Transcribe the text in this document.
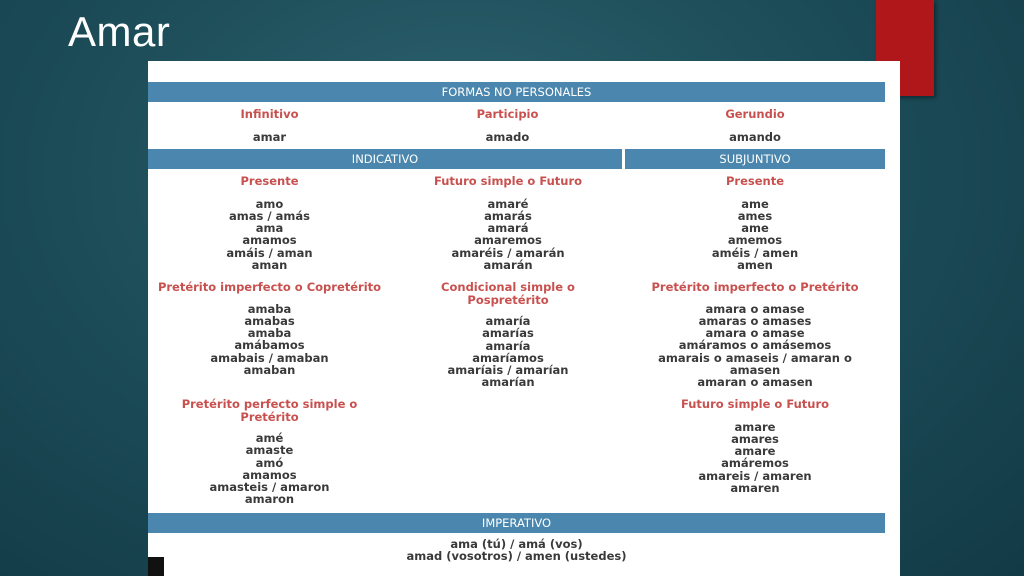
Amar
FORMAS NO PERSONALES
Infinitivo
amar
Participio
amado
Gerundio
amando
INDICATIVO	SUBJUNTIVO
Presente
amo
amas / amás
ama
amamos
amáis / aman
aman
Futuro simple o Futuro
amaré
amarás
amará
amaremos
amaréis / amarán
amarán
Presente
ame
ames
ame
amemos
améis / amen
amen
Pretérito imperfecto o Copretérito
amaba
amabas
amaba
amábamos
amabais / amaban
amaban
Condicional simple o
Pospretérito
amaría
amarías
amaría
amaríamos
amaríais / amarían
amarían
Pretérito imperfecto o Pretérito
amara o amase
amaras o amases
amara o amase
amáramos o amásemos
amarais o amaseis / amaran o
amasen
amaran o amasen
Pretérito perfecto simple o
Pretérito
amé
amaste
amó
amamos
amasteis / amaron
amaron
Futuro simple o Futuro
amare
amares
amare
amáremos
amareis / amaren
amaren
IMPERATIVO
ama (tú) / amá (vos)
amad (vosotros) / amen (ustedes)
